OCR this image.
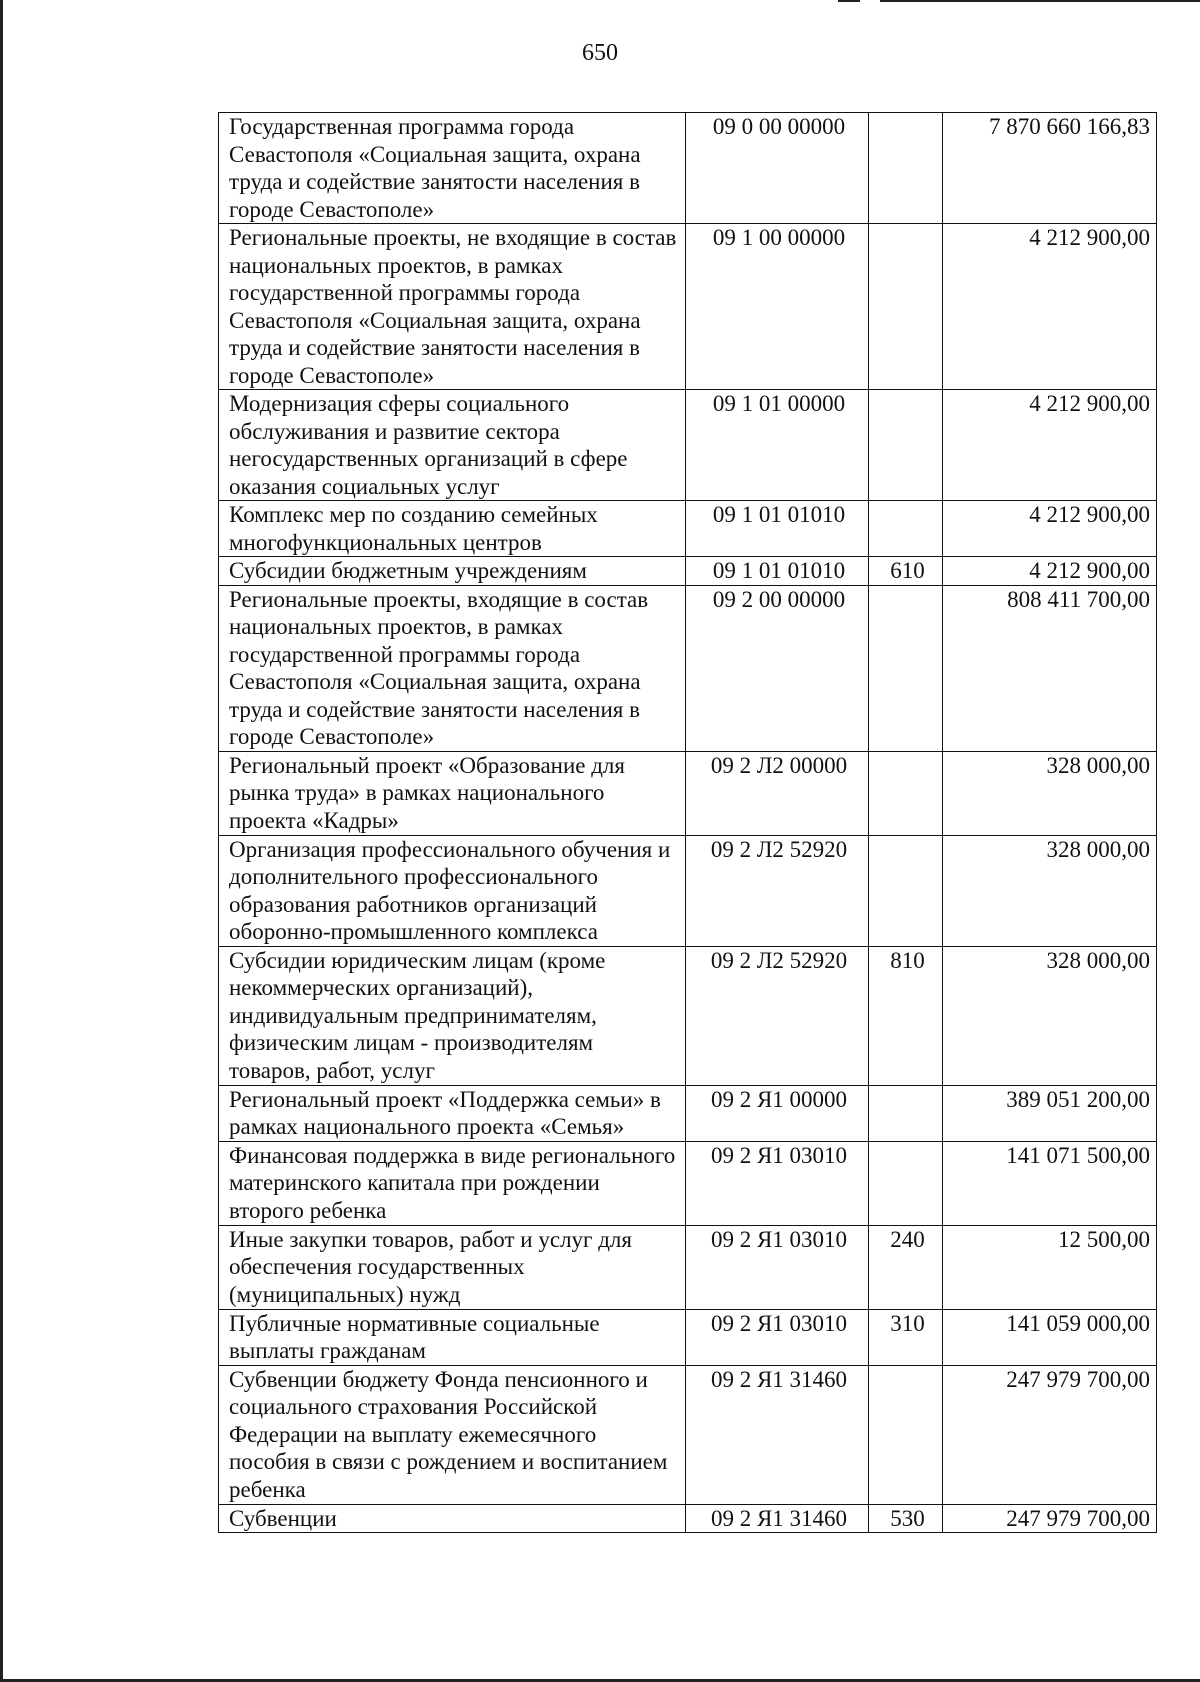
650
Государственная программа города Севастополя «Социальная защита, охрана труда и содействие занятости населения в городе Севастополе»	09 0 00 00000		7 870 660 166,83
Региональные проекты, не входящие в состав национальных проектов, в рамках государственной программы города Севастополя «Социальная защита, охрана труда и содействие занятости населения в городе Севастополе»	09 1 00 00000		4 212 900,00
Модернизация сферы социального обслуживания и развитие сектора негосударственных организаций в сфере оказания социальных услуг	09 1 01 00000		4 212 900,00
Комплекс мер по созданию семейных многофункциональных центров	09 1 01 01010		4 212 900,00
Субсидии бюджетным учреждениям	09 1 01 01010	610	4 212 900,00
Региональные проекты, входящие в состав национальных проектов, в рамках государственной программы города Севастополя «Социальная защита, охрана труда и содействие занятости населения в городе Севастополе»	09 2 00 00000		808 411 700,00
Региональный проект «Образование для рынка труда» в рамках национального проекта «Кадры»	09 2 Л2 00000		328 000,00
Организация профессионального обучения и дополнительного профессионального образования работников организаций оборонно-промышленного комплекса	09 2 Л2 52920		328 000,00
Субсидии юридическим лицам (кроме некоммерческих организаций), индивидуальным предпринимателям, физическим лицам - производителям товаров, работ, услуг	09 2 Л2 52920	810	328 000,00
Региональный проект «Поддержка семьи» в рамках национального проекта «Семья»	09 2 Я1 00000		389 051 200,00
Финансовая поддержка в виде регионального материнского капитала при рождении второго ребенка	09 2 Я1 03010		141 071 500,00
Иные закупки товаров, работ и услуг для обеспечения государственных (муниципальных) нужд	09 2 Я1 03010	240	12 500,00
Публичные нормативные социальные выплаты гражданам	09 2 Я1 03010	310	141 059 000,00
Субвенции бюджету Фонда пенсионного и социального страхования Российской Федерации на выплату ежемесячного пособия в связи с рождением и воспитанием ребенка	09 2 Я1 31460		247 979 700,00
Субвенции	09 2 Я1 31460	530	247 979 700,00
